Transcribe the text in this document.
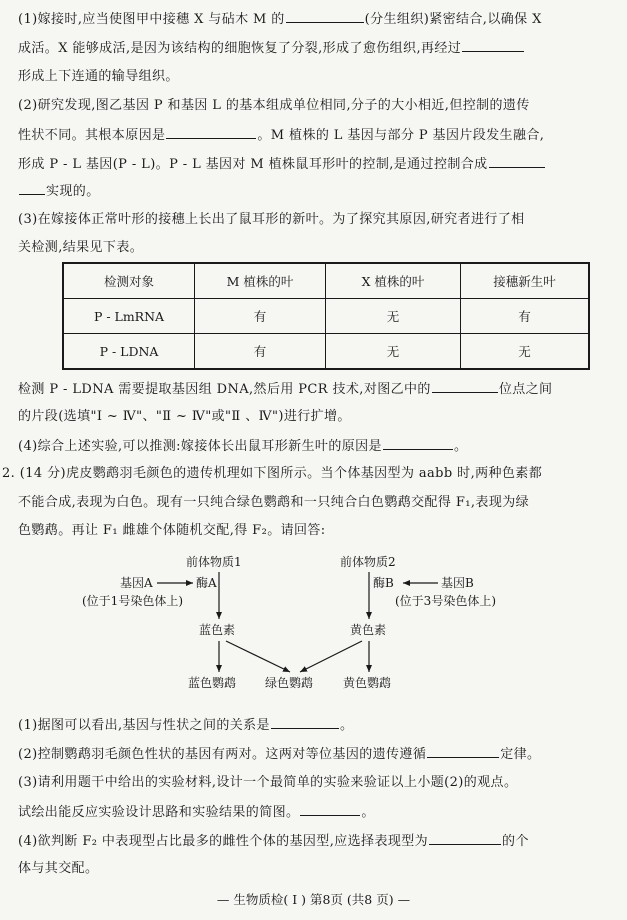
(1)嫁接时,应当使图甲中接穗 X 与砧木 M 的	(分生组织)紧密结合,以确保 X
成活。X 能够成活,是因为该结构的细胞恢复了分裂,形成了愈伤组织,再经过
形成上下连通的输导组织。
(2)研究发现,图乙基因 P 和基因 L 的基本组成单位相同,分子的大小相近,但控制的遗传
性状不同。其根本原因是	。M 植株的 L 基因与部分 P 基因片段发生融合,
形成 P - L 基因(P - L)。P - L 基因对 M 植株鼠耳形叶的控制,是通过控制合成
实现的。
(3)在嫁接体正常叶形的接穗上长出了鼠耳形的新叶。为了探究其原因,研究者进行了相
关检测,结果见下表。
检测对象	M 植株的叶	X 植株的叶	接穗新生叶
P - LmRNA	有	无	有
P - LDNA	有	无	无
检测 P - LDNA 需要提取基因组 DNA,然后用 PCR 技术,对图乙中的	位点之间
的片段(选填"Ⅰ ~ Ⅳ"、"Ⅱ ~ Ⅳ"或"Ⅱ 、Ⅳ")进行扩增。
(4)综合上述实验,可以推测:嫁接体长出鼠耳形新生叶的原因是	。
2. (14 分)虎皮鹦鹉羽毛颜色的遗传机理如下图所示。当个体基因型为 aabb 时,两种色素都
不能合成,表现为白色。现有一只纯合绿色鹦鹉和一只纯合白色鹦鹉交配得 F₁,表现为绿
色鹦鹉。再让 F₁ 雌雄个体随机交配,得 F₂。请回答:
前体物质1	前体物质2
基因A	酶A
(位于1号染色体上)
酶B	基因B
(位于3号染色体上)
蓝色素	黄色素
蓝色鹦鹉 绿色鹦鹉 黄色鹦鹉
(1)据图可以看出,基因与性状之间的关系是	。
(2)控制鹦鹉羽毛颜色性状的基因有两对。这两对等位基因的遗传遵循	定律。
(3)请利用题干中给出的实验材料,设计一个最简单的实验来验证以上小题(2)的观点。
试绘出能反应实验设计思路和实验结果的简图。	。
(4)欲判断 F₂ 中表现型占比最多的雌性个体的基因型,应选择表现型为	的个
体与其交配。
— 生物质检( Ⅰ ) 第8页 (共8 页) —
